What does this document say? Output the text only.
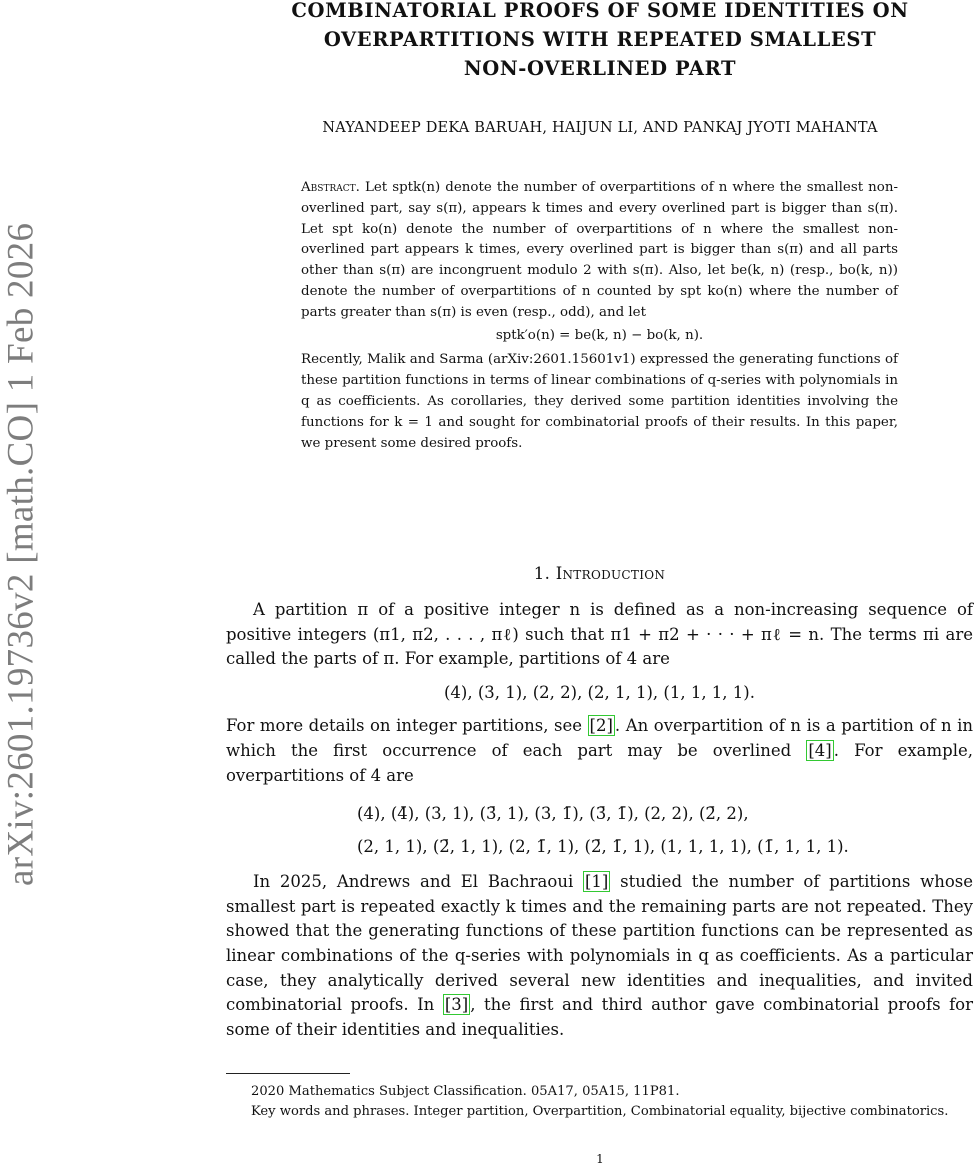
arXiv:2601.19736v2 [math.CO] 1 Feb 2026
COMBINATORIAL PROOFS OF SOME IDENTITIES ON
OVERPARTITIONS WITH REPEATED SMALLEST
NON-OVERLINED PART
NAYANDEEP DEKA BARUAH, HAIJUN LI, AND PANKAJ JYOTI MAHANTA

Abstract. Let sptk(n) denote the number of overpartitions of n where the smallest non-overlined part, say s(π), appears k times and every overlined part is bigger than s(π). Let spt ko(n) denote the number of overpartitions of n where the smallest non-overlined part appears k times, every overlined part is bigger than s(π) and all parts other than s(π) are incongruent modulo 2 with s(π). Also, let be(k, n) (resp., bo(k, n)) denote the number of overpartitions of n counted by spt ko(n) where the number of parts greater than s(π) is even (resp., odd), and let

sptk′o(n) = be(k, n) − bo(k, n).

Recently, Malik and Sarma (arXiv:2601.15601v1) expressed the generating functions of these partition functions in terms of linear combinations of q-series with polynomials in q as coefficients. As corollaries, they derived some partition identities involving the functions for k = 1 and sought for combinatorial proofs of their results. In this paper, we present some desired proofs.

1. Introduction

A partition π of a positive integer n is defined as a non-increasing sequence of positive integers (π1, π2, . . . , πℓ) such that π1 + π2 + · · · + πℓ = n. The terms πi are called the parts of π. For example, partitions of 4 are

(4), (3, 1), (2, 2), (2, 1, 1), (1, 1, 1, 1).

For more details on integer partitions, see [2] . An overpartition of n is a partition of n in which the first occurrence of each part may be overlined [4] . For example, overpartitions of 4 are

(4), (4̄), (3, 1), (3̄, 1), (3, 1̄), (3̄, 1̄), (2, 2), (2̄, 2),
(2, 1, 1), (2̄, 1, 1), (2, 1̄, 1), (2̄, 1̄, 1), (1, 1, 1, 1), (1̄, 1, 1, 1).

In 2025, Andrews and El Bachraoui [1] studied the number of partitions whose smallest part is repeated exactly k times and the remaining parts are not repeated. They showed that the generating functions of these partition functions can be represented as linear combinations of the q-series with polynomials in q as coefficients. As a particular case, they analytically derived several new identities and inequalities, and invited combinatorial proofs. In [3] , the first and third author gave combinatorial proofs for some of their identities and inequalities.

2020 Mathematics Subject Classification. 05A17, 05A15, 11P81.

Key words and phrases. Integer partition, Overpartition, Combinatorial equality, bijective combinatorics.

1
